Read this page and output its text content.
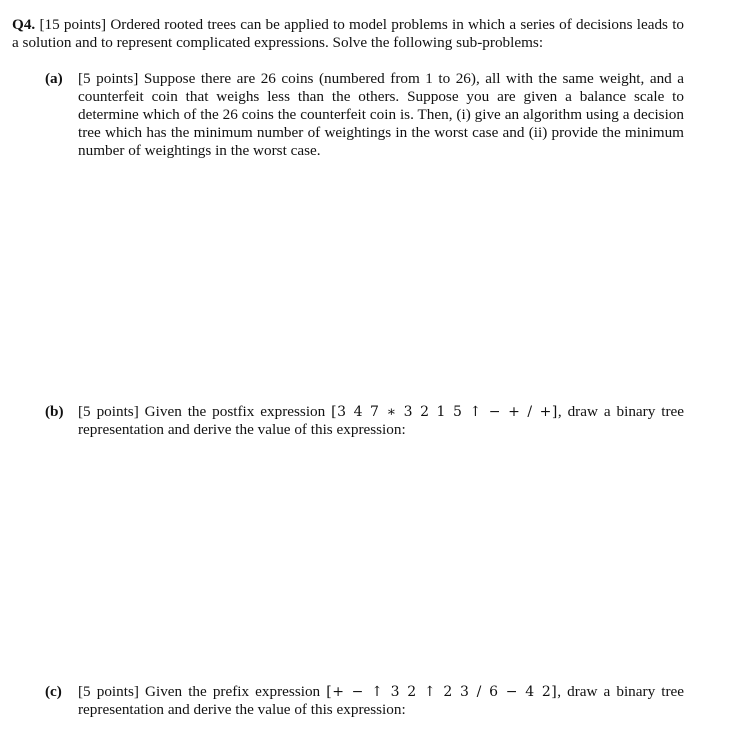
Q4. [15 points] Ordered rooted trees can be applied to model problems in which a series of decisions leads to a solution and to represent complicated expressions. Solve the following sub-problems:
(a) [5 points] Suppose there are 26 coins (numbered from 1 to 26), all with the same weight, and a counterfeit coin that weighs less than the others. Suppose you are given a balance scale to determine which of the 26 coins the counterfeit coin is. Then, (i) give an algorithm using a decision tree which has the minimum number of weightings in the worst case and (ii) provide the minimum number of weightings in the worst case.
(b) [5 points] Given the postfix expression [3 4 7 ∗ 3 2 1 5 ↑ − + / +], draw a binary tree representation and derive the value of this expression:
(c) [5 points] Given the prefix expression [+ − ↑ 3 2 ↑ 2 3 / 6 − 4 2], draw a binary tree representation and derive the value of this expression:
